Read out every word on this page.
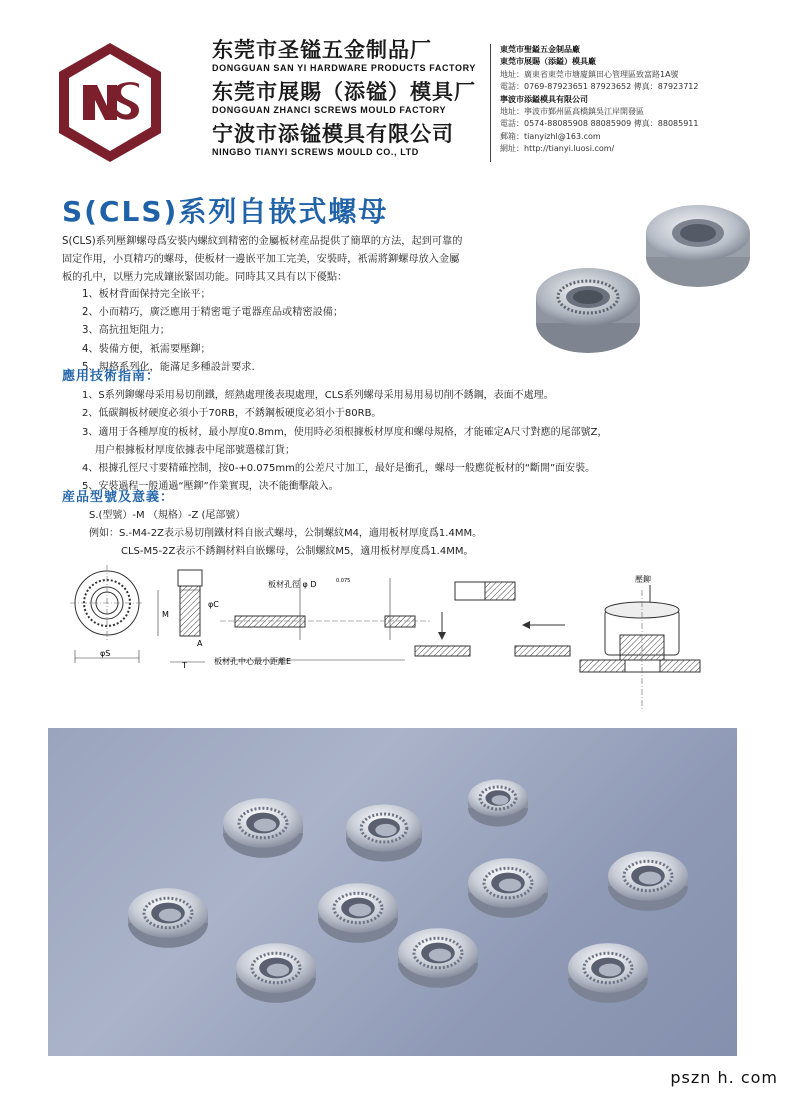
东莞市圣镒五金制品厂
DONGGUAN SAN YI HARDWARE PRODUCTS FACTORY
东莞市展賜（添镒）模具厂
DONGGUAN ZHANCI SCREWS MOULD FACTORY
宁波市添镒模具有限公司
NINGBO TIANYI SCREWS MOULD CO., LTD
東莞市聖鎰五金制品廠
東莞市展賜（添鎰）模具廠
地址：廣東省東莞市塘廈鎮田心管理區致富路1A號
電話：0769-87923651 87923652 傳真：87923712
寧波市添鎰模具有限公司
地址：寧波市鄞州區高橋鎮吳江岸開發區
電話：0574-88085908 88085909 傳真：88085911
郵箱：tianyizhl@163.com
網址：http://tianyi.luosi.com/
S(CLS)系列自嵌式螺母
S(CLS)系列壓鉚螺母爲安裝内螺紋到精密的金屬板材産品提供了簡單的方法，起到可靠的
固定作用，小頁精巧的螺母，使板材一邊嵌平加工完美，安裝時，衹需將鉚螺母放入金屬
板的孔中，以壓力完成鑲嵌緊固功能。同時其又具有以下優點：
1、板材背面保持完全嵌平；
2、小而精巧，廣泛應用于精密電子電器産品或精密設備；
3、高抗扭矩阻力；
4、裝備方便，衹需要壓鉚；
5、規格系列化，能滿足多種設計要求.
應用技術指南：
1、S系列鉚螺母采用易切削鐵，經熱處理後表現處理，CLS系列螺母采用易用易切削不銹鋼，表面不處理。
2、低碳鋼板材硬度必須小于70RB，不銹鋼板硬度必須小于80RB。
3、適用于各種厚度的板材，最小厚度0.8mm，使用時必須根據板材厚度和螺母規格，才能確定A尺寸對應的尾部號Z，
用户根據板材厚度依據表中尾部號選樣訂貨；
4、根據孔徑尺寸要精確控制，按0-+0.075mm的公差尺寸加工，最好是衝孔，螺母一般應從板材的“斷開”面安裝。
5、安裝過程一般通過“壓鉚”作業實現，决不能衝擊敲入。
産品型號及意義：
S.(型號）-M （規格）-Z (尾部號）
例如：S.-M4-2Z表示易切削鐵材料自嵌式螺母，公制螺紋M4，適用板材厚度爲1.4MM。
CLS-M5-2Z表示不銹鋼材料自嵌螺母，公制螺紋M5，適用板材厚度爲1.4MM。
φS
M
φC
A
T
板材孔徑 φ D	0.075
板材孔中心最小距離E
壓鉚
pszn h. com
